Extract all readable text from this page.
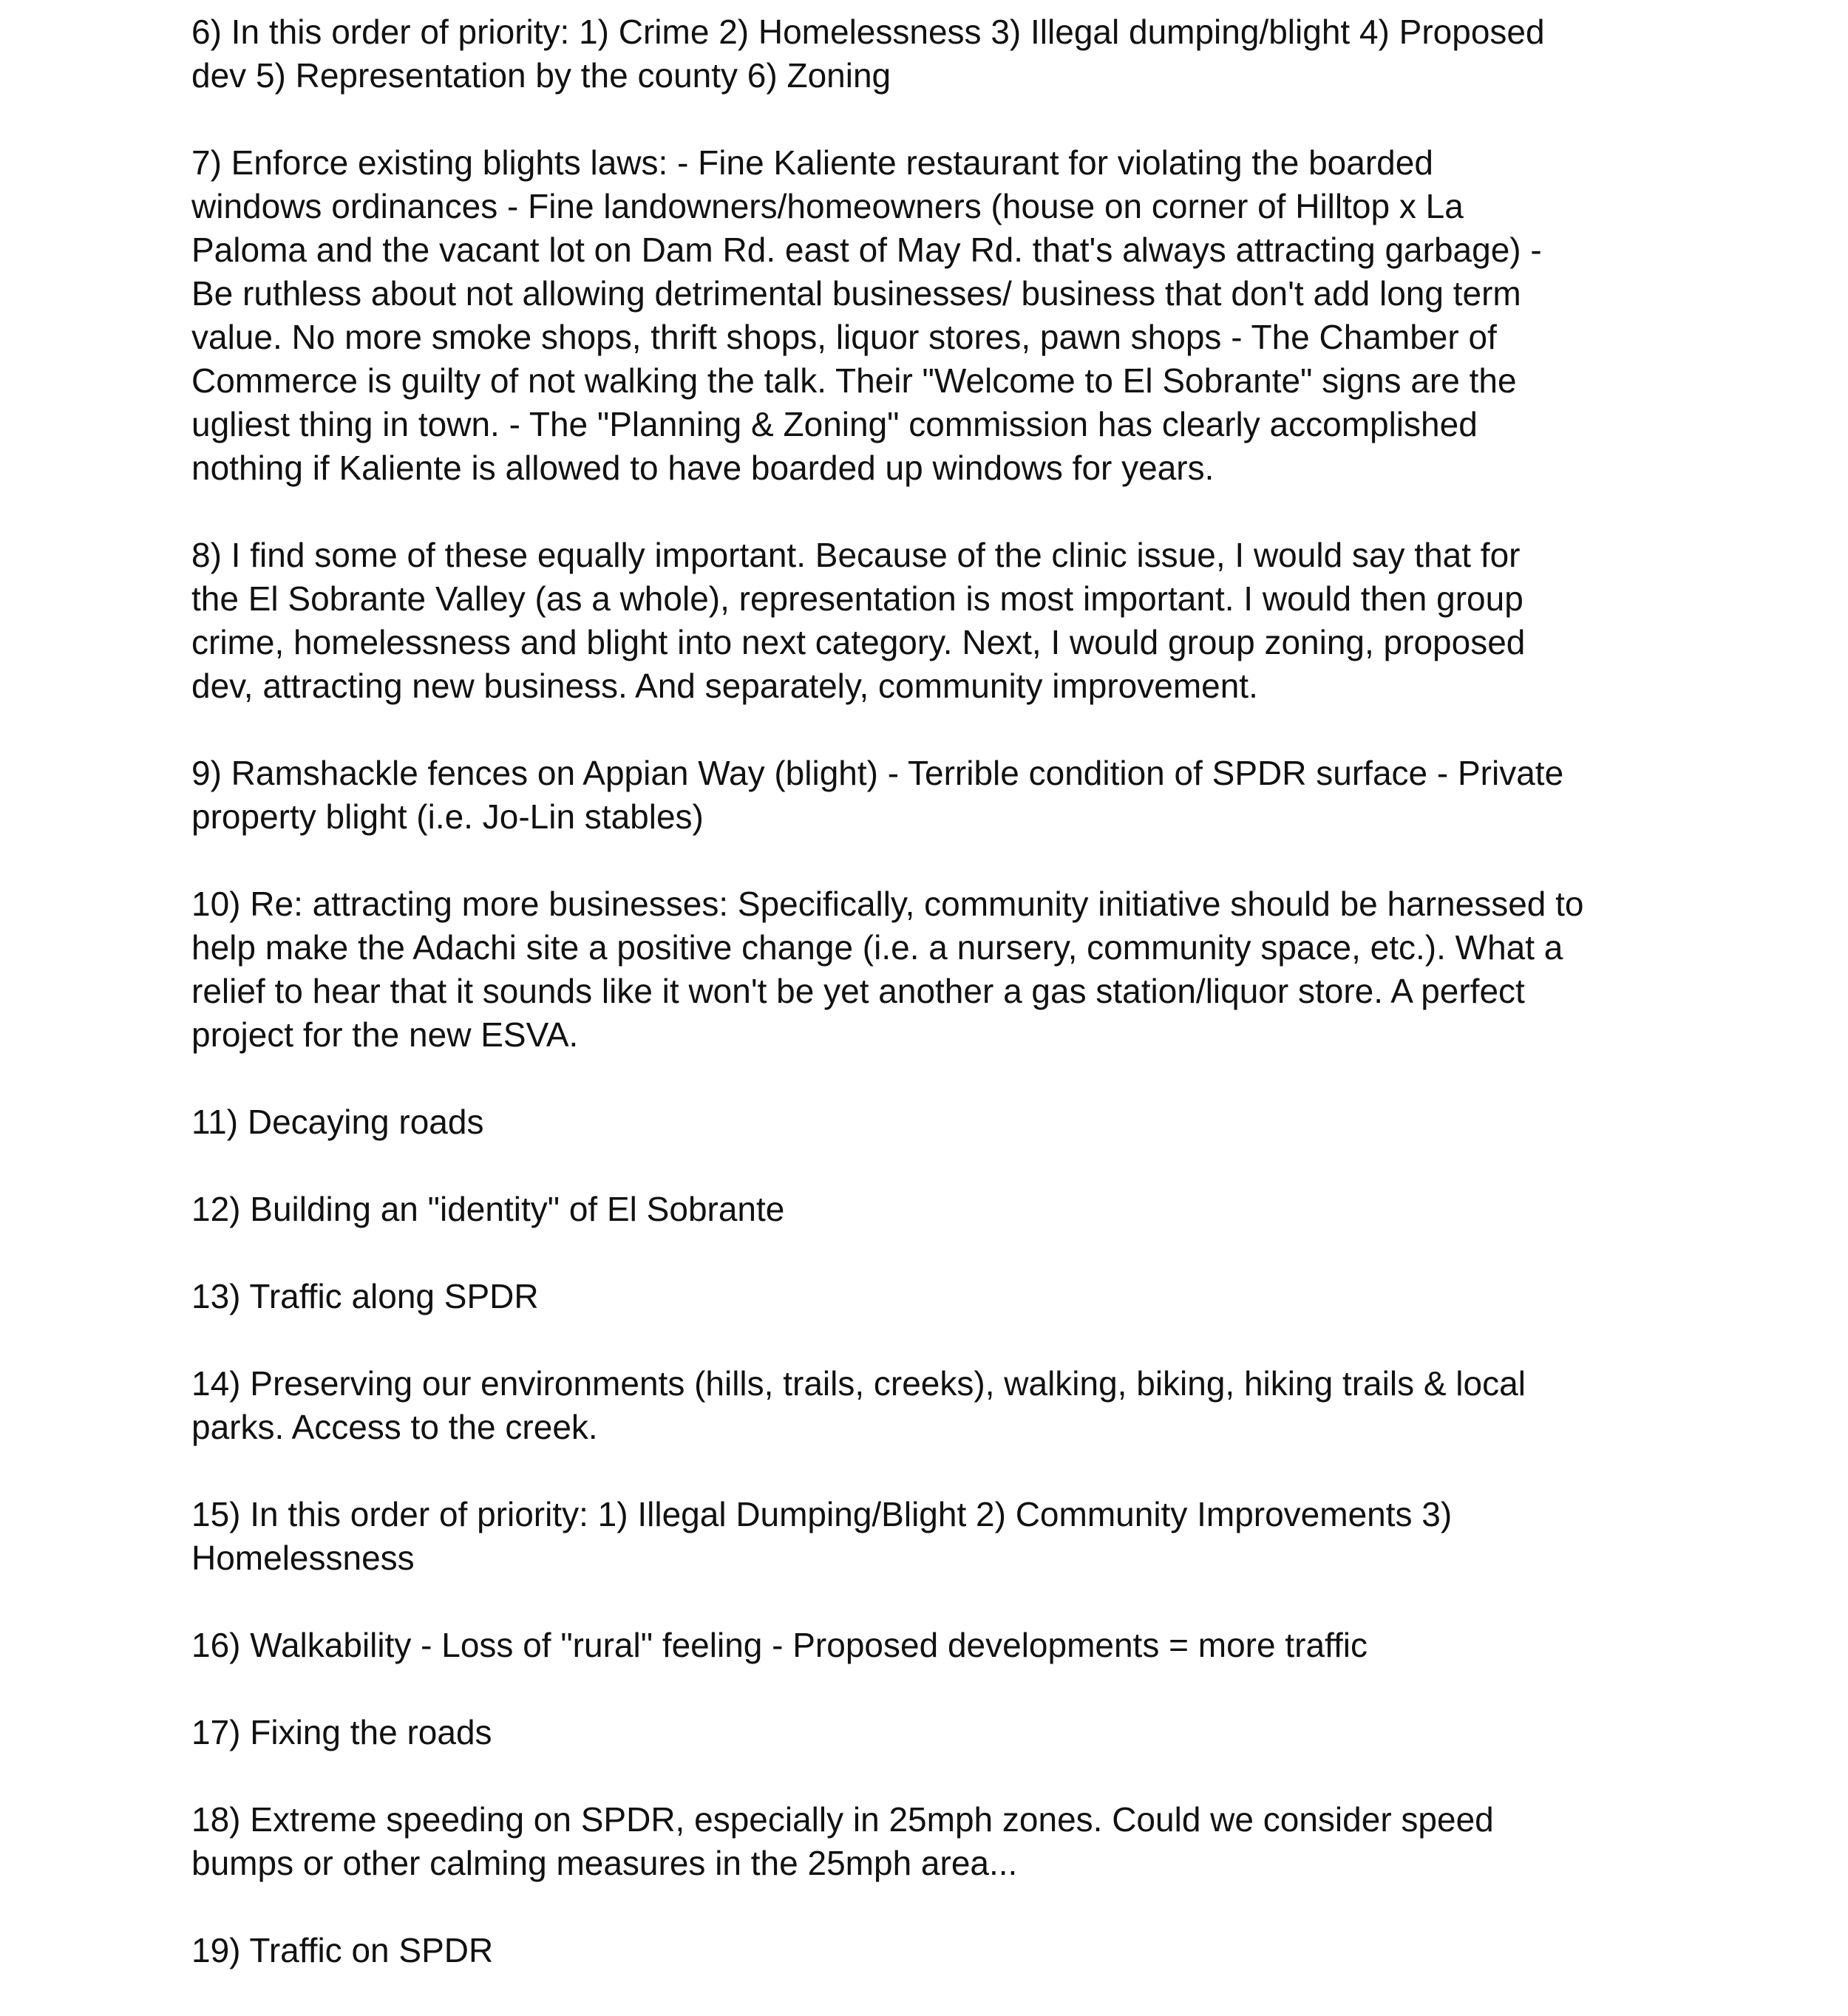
6) In this order of priority: 1) Crime 2) Homelessness 3) Illegal dumping/blight 4) Proposed
dev 5) Representation by the county 6) Zoning

7) Enforce existing blights laws: - Fine Kaliente restaurant for violating the boarded
windows ordinances - Fine landowners/homeowners (house on corner of Hilltop x La
Paloma and the vacant lot on Dam Rd. east of May Rd. that's always attracting garbage) -
Be ruthless about not allowing detrimental businesses/ business that don't add long term
value. No more smoke shops, thrift shops, liquor stores, pawn shops - The Chamber of
Commerce is guilty of not walking the talk. Their "Welcome to El Sobrante" signs are the
ugliest thing in town. - The "Planning & Zoning" commission has clearly accomplished
nothing if Kaliente is allowed to have boarded up windows for years.

8) I find some of these equally important. Because of the clinic issue, I would say that for
the El Sobrante Valley (as a whole), representation is most important. I would then group
crime, homelessness and blight into next category. Next, I would group zoning, proposed
dev, attracting new business. And separately, community improvement.

9) Ramshackle fences on Appian Way (blight) - Terrible condition of SPDR surface - Private
property blight (i.e. Jo-Lin stables)

10) Re: attracting more businesses: Specifically, community initiative should be harnessed to
help make the Adachi site a positive change (i.e. a nursery, community space, etc.). What a
relief to hear that it sounds like it won't be yet another a gas station/liquor store. A perfect
project for the new ESVA.

11) Decaying roads

12) Building an "identity" of El Sobrante

13) Traffic along SPDR

14) Preserving our environments (hills, trails, creeks), walking, biking, hiking trails & local
parks. Access to the creek.

15) In this order of priority: 1) Illegal Dumping/Blight 2) Community Improvements 3)
Homelessness

16) Walkability - Loss of "rural" feeling - Proposed developments = more traffic

17) Fixing the roads

18) Extreme speeding on SPDR, especially in 25mph zones. Could we consider speed
bumps or other calming measures in the 25mph area...

19) Traffic on SPDR
